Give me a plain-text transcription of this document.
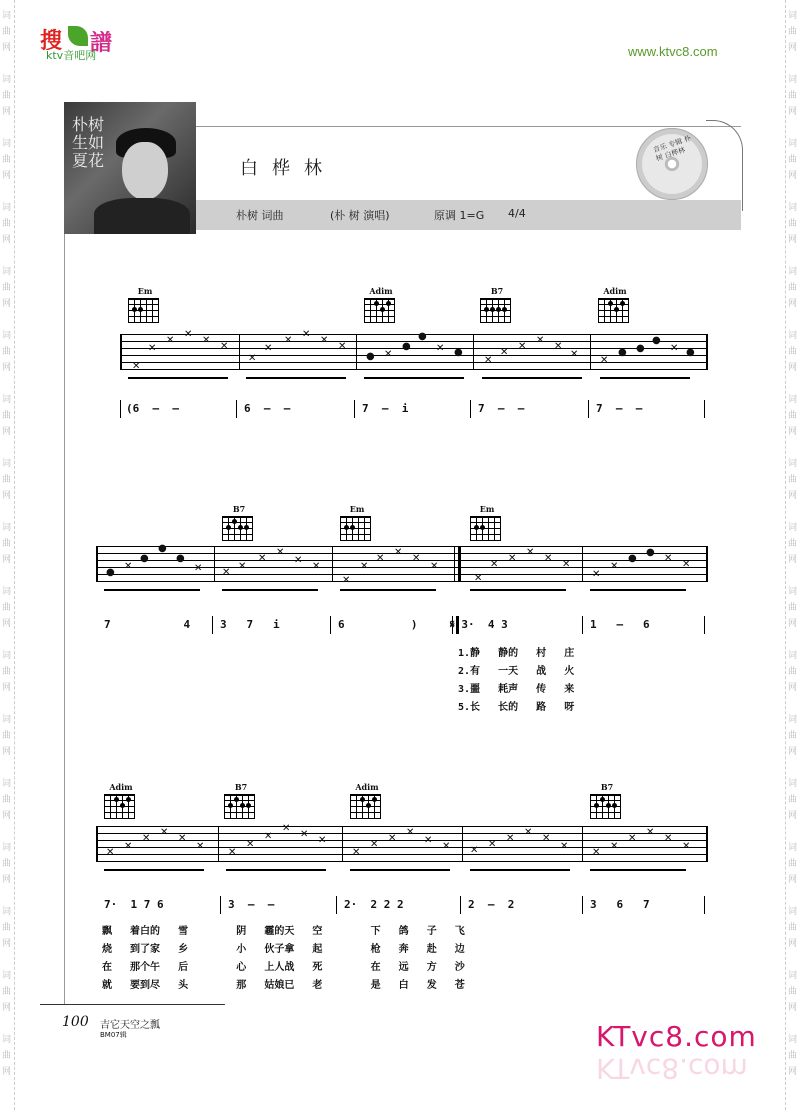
词
曲
网
词
曲
网
词
曲
网
词
曲
网
词
曲
网
词
曲
网
词
曲
网
词
曲
网
词
曲
网
词
曲
网
词
曲
网
词
曲
网
词
曲
网
词
曲
网
词
曲
网
词
曲
网
词
曲
网
词
曲
网
词
曲
网
词
曲
网
词
曲
网
词
曲
网
词
曲
网
词
曲
网
词
曲
网
词
曲
网
词
曲
网
词
曲
网
词
曲
网
词
曲
网
词
曲
网
词
曲
网
词
曲
网
词
曲
网
搜 譜
ktv音吧网	www.ktvc8.com
朴树 生如夏花	白桦林
音乐 专辑 朴树 白桦林
朴树 词曲	(朴 树 演唱)	原调 1=G 4/4
Em	Adim	B7	Adim
✕
✕
✕
✕
✕
✕
✕
✕
✕
✕
✕
✕
● ✕
●
●
✕ ●
✕
✕
✕
✕
✕
✕
✕
● ●
●
✕ ●
(6  –  –	6  –  –	7  –  i	7  –  –	7  –  –
B7	Em	Em
●
✕
●
●
●
✕ ✕
✕
✕
✕
✕
✕
✕
✕
✕
✕
✕
✕
✕
✕
✕
✕
✕
✕
✕
✕
●
●
✕
✕
7           4	3   7   i	6          )	𝄋 3·  4 3	1   –   6
1.静   静的   村   庄
2.有   一天   战   火
3.噩   耗声   传   来
5.长   长的   路   呀
Adim	B7	Adim	B7
✕
✕
✕
✕
✕
✕
✕
✕
✕
✕
✕
✕
✕
✕
✕
✕
✕
✕ ✕
✕
✕
✕
✕
✕
✕
✕
✕
✕
✕
✕
7·  1 7 6	3  –  –	2·  2 2 2	2  –  2	3   6   7
飘   着白的   雪        阴   霾的天   空        下   鸽   子   飞
烧   到了家   乡        小   伙子拿   起        枪   奔   赴   边
在   那个午   后        心   上人战   死        在   远   方   沙
就   要到尽   头        那   姑娘已   老        是   白   发   苍
100 吉它天空之瓢
BM07辑	KTvc8.com
KTvc8.com
